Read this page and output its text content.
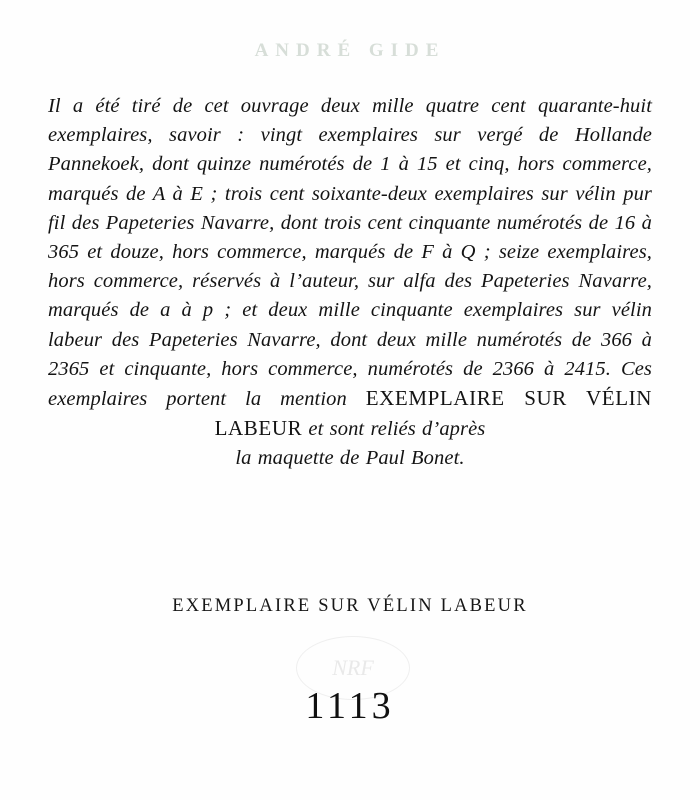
ANDRÉ GIDE
Il a été tiré de cet ouvrage deux mille quatre cent quarante-huit exemplaires, savoir : vingt exemplaires sur vergé de Hollande Pannekoek, dont quinze numérotés de 1 à 15 et cinq, hors commerce, marqués de A à E ; trois cent soixante-deux exemplaires sur vélin pur fil des Papeteries Navarre, dont trois cent cinquante numérotés de 16 à 365 et douze, hors commerce, marqués de F à Q ; seize exemplaires, hors commerce, réservés à l’auteur, sur alfa des Papeteries Navarre, marqués de a à p ; et deux mille cinquante exemplaires sur vélin labeur des Papeteries Navarre, dont deux mille numérotés de 366 à 2365 et cinquante, hors commerce, numérotés de 2366 à 2415. Ces exemplaires portent la mention EXEMPLAIRE SUR VÉLIN LABEUR et sont reliés d’après
la maquette de Paul Bonet.
NRF
EXEMPLAIRE SUR VÉLIN LABEUR
1113
